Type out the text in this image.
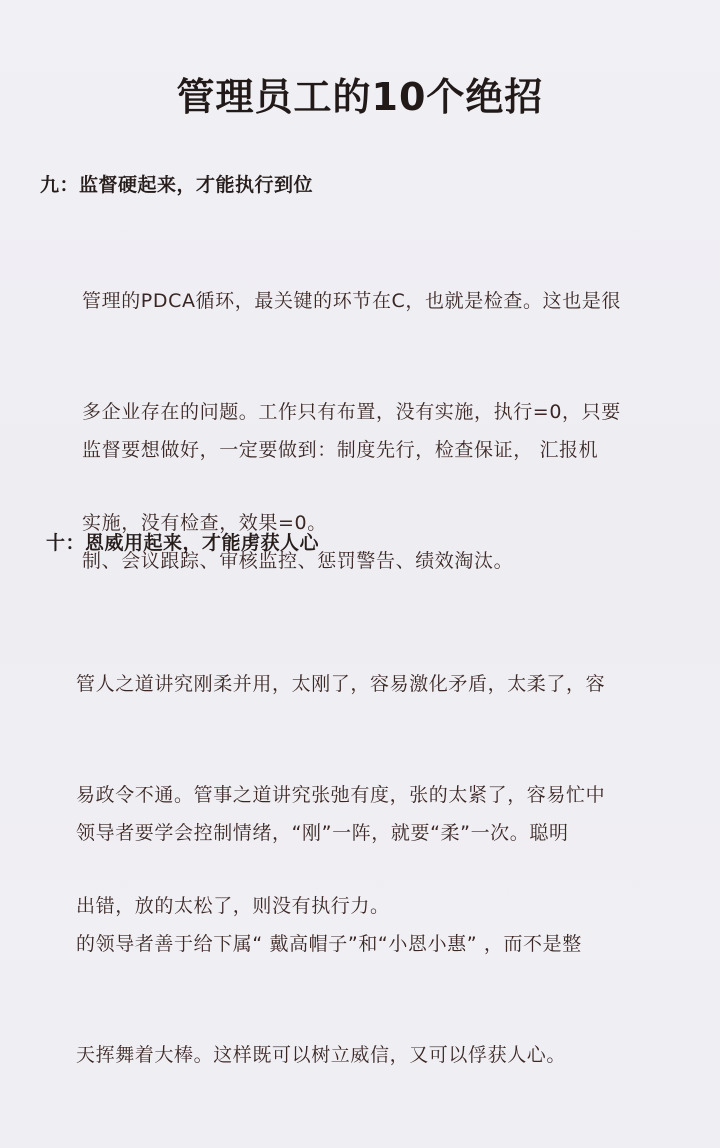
管理员工的10个绝招
九：监督硬起来，才能执行到位

管理的PDCA循环，最关键的环节在C，也就是检查。这也是很

多企业存在的问题。工作只有布置，没有实施，执行=0，只要

实施，没有检查，效果=0。

监督要想做好，一定要做到：制度先行，检查保证， 汇报机

制、会议跟踪、审核监控、惩罚警告、绩效淘汰。

十：恩威用起来，才能虏获人心

管人之道讲究刚柔并用，太刚了，容易激化矛盾，太柔了，容

易政令不通。管事之道讲究张弛有度，张的太紧了，容易忙中

出错，放的太松了，则没有执行力。

领导者要学会控制情绪，“刚”一阵，就要“柔”一次。聪明

的领导者善于给下属“ 戴高帽子”和“小恩小惠” ，而不是整

天挥舞着大棒。这样既可以树立威信，又可以俘获人心。
